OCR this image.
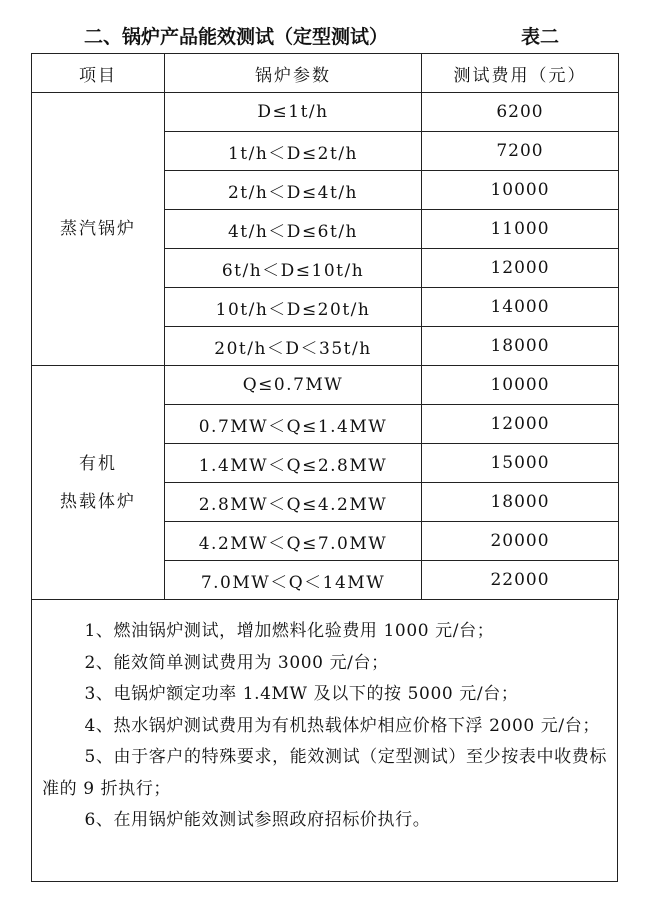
二、锅炉产品能效测试（定型测试）	表二
项目	锅炉参数	测试费用（元）

蒸汽锅炉	D≤1t/h	6200
	1t/h＜D≤2t/h	7200
	2t/h＜D≤4t/h	10000
	4t/h＜D≤6t/h	11000
	6t/h＜D≤10t/h	12000
	10t/h＜D≤20t/h	14000
	20t/h＜D＜35t/h	18000

有机
热载体炉	Q≤0.7MW	10000
	0.7MW＜Q≤1.4MW	12000
	1.4MW＜Q≤2.8MW	15000
	2.8MW＜Q≤4.2MW	18000
	4.2MW＜Q≤7.0MW	20000
	7.0MW＜Q＜14MW	22000

1、燃油锅炉测试，增加燃料化验费用 1000 元/台；

2、能效简单测试费用为 3000 元/台；

3、电锅炉额定功率 1.4MW 及以下的按 5000 元/台；

4、热水锅炉测试费用为有机热载体炉相应价格下浮 2000 元/台；

5、由于客户的特殊要求，能效测试（定型测试）至少按表中收费标准的 9 折执行；

6、在用锅炉能效测试参照政府招标价执行。
